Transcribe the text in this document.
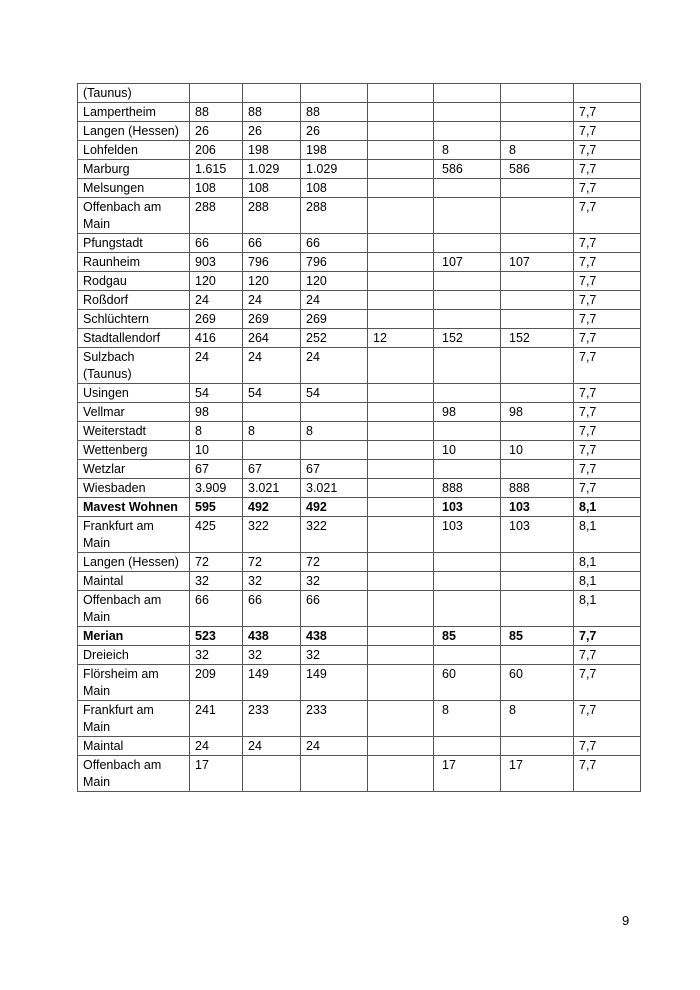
(Taunus)							
Lampertheim	88	88	88				7,7
Langen (Hessen)	26	26	26				7,7
Lohfelden	206	198	198		8	8	7,7
Marburg	1.615	1.029	1.029		586	586	7,7
Melsungen	108	108	108				7,7
Offenbach am Main	288	288	288				7,7
Pfungstadt	66	66	66				7,7
Raunheim	903	796	796		107	107	7,7
Rodgau	120	120	120				7,7
Roßdorf	24	24	24				7,7
Schlüchtern	269	269	269				7,7
Stadtallendorf	416	264	252	12	152	152	7,7
Sulzbach (Taunus)	24	24	24				7,7
Usingen	54	54	54				7,7
Vellmar	98				98	98	7,7
Weiterstadt	8	8	8				7,7
Wettenberg	10				10	10	7,7
Wetzlar	67	67	67				7,7
Wiesbaden	3.909	3.021	3.021		888	888	7,7
Mavest Wohnen	595	492	492		103	103	8,1
Frankfurt am Main	425	322	322		103	103	8,1
Langen (Hessen)	72	72	72				8,1
Maintal	32	32	32				8,1
Offenbach am Main	66	66	66				8,1
Merian	523	438	438		85	85	7,7
Dreieich	32	32	32				7,7
Flörsheim am Main	209	149	149		60	60	7,7
Frankfurt am Main	241	233	233		8	8	7,7
Maintal	24	24	24				7,7
Offenbach am Main	17				17	17	7,7
9
